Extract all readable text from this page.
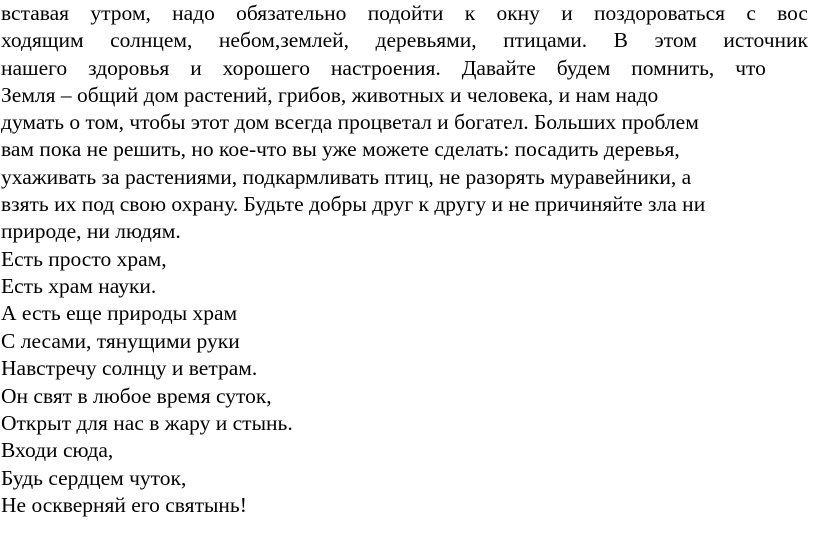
вставая утром, надо обязательно подойти к окну и поздороваться с вос
ходящим солнцем, небом,землей, деревьями, птицами. В этом источник
нашего здоровья и хорошего настроения. Давайте будем помнить, что
Земля – общий дом растений, грибов, животных и человека, и нам надо
думать о том, чтобы этот дом всегда процветал и богател. Больших проблем
вам пока не решить, но кое-что вы уже можете сделать: посадить деревья,
ухаживать за растениями, подкармливать птиц, не разорять муравейники, а
взять их под свою охрану. Будьте добры друг к другу и не причиняйте зла ни
природе, ни людям.
Есть просто храм,
Есть храм науки.
А есть еще природы храм
С лесами, тянущими руки
Навстречу солнцу и ветрам.
Он свят в любое время суток,
Открыт для нас в жару и стынь.
Входи сюда,
Будь сердцем чуток,
Не оскверняй его святынь!
